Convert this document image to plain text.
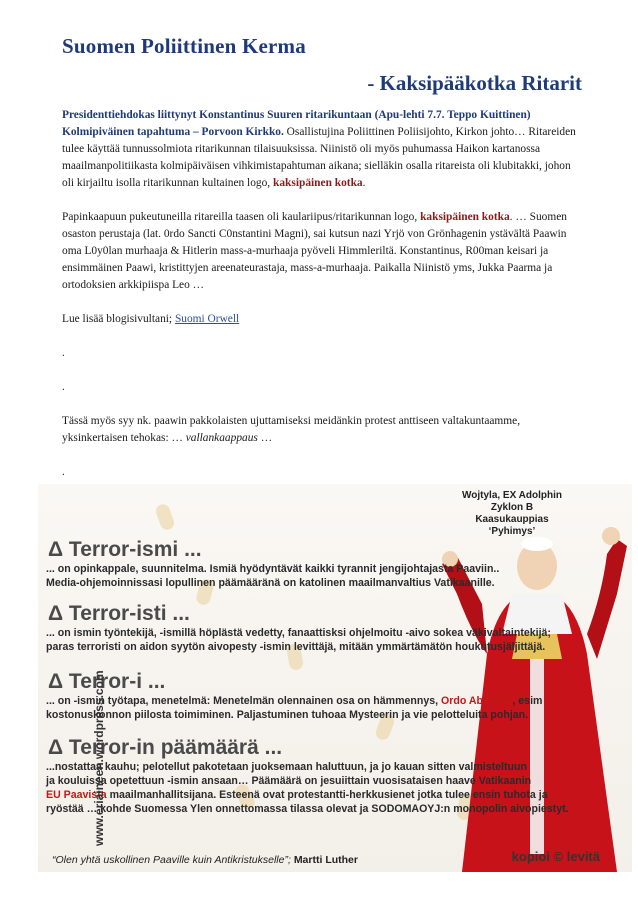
Suomen Poliittinen Kerma
- Kaksipääkotka Ritarit

Presidenttiehdokas liittynyt Konstantinus Suuren ritarikuntaan (Apu-lehti 7.7. Teppo Kuittinen) Kolmipiväinen tapahtuma – Porvoon Kirkko. Osallistujina Poliittinen Poliisijohto, Kirkon johto… Ritareiden tulee käyttää tunnussolmiota ritarikunnan tilaisuuksissa. Niinistö oli myös puhumassa Haikon kartanossa maailmanpolitiikasta kolmipäiväisen vihkimistapahtuman aikana; sielläkin osalla ritareista oli klubitakki, johon oli kirjailtu isolla ritarikunnan kultainen logo, kaksipäinen kotka.

Papinkaapuun pukeutuneilla ritareilla taasen oli kaulariipus/ritarikunnan logo, kaksipäinen kotka. … Suomen osaston perustaja (lat. 0rdo Sancti C0nstantini Magni), sai kutsun nazi Yrjö von Grönhagenin ystävältä Paawin oma L0y0lan murhaaja & Hitlerin mass-a-murhaaja pyöveli Himmleriltä. Konstantinus, R00man keisari ja ensimmäinen Paawi, kristittyjen areenateurastaja, mass-a-murhaaja. Paikalla Niinistö yms, Jukka Paarma ja ortodoksien arkkipiispa Leo …

Lue lisää blogisivultani; Suomi Orwell

.

.

Tässä myös syy nk. paawin pakkolaisten ujuttamiseksi meidänkin protest anttiseen valtakuntaamme, yksinkertaisen tehokas: … vallankaappaus …

.

Wojtyla, EX Adolphin
Zyklon B
Kaasukauppias
‘Pyhimys’
Δ Terror-ismi ...
... on opinkappale, suunnitelma. Ismiä hyödyntävät kaikki tyrannit jengijohtajasta Paaviin..
Media-ohjemoinnissasi lopullinen päämääränä on katolinen maailmanvaltius Vatikaanille.
Δ Terror-isti ...
... on ismin työntekijä, -ismillä höplästä vedetty, fanaattisksi ohjelmoitu -aivo sokea väkivaltaintekijä;
paras terroristi on aidon syytön aivopesty -ismin levittäjä, mitään ymmärtämätön houkutusjäljittäjä.
Δ Terror-i ...
... on -ismin työtapa, menetelmä: Menetelmän olennainen osa on hämmennys, Ordo Ab Chao, esim
kostonuskonnon piilosta toimiminen. Paljastuminen tuhoaa Mysteerin ja vie pelotteluita pohjan.
Δ Terror-in päämäärä ...
...nostattaa kauhu; pelotellut pakotetaan juoksemaan haluttuun, ja jo kauan sitten valmisteltuun
ja kouluissa opetettuun -ismin ansaan… Päämäärä on jesuiittain vuosisataisen haave Vatikaanin
EU Paavista maailmanhallitsijana. Esteenä ovat protestantti-herkkusienet jotka tulee ensin tuhota ja
ryöstää … kohde Suomessa Ylen onnettomassa tilassa olevat ja SODOMAOYJ:n monopolin aivopiestyt.
www.eriaineen.wordpress.com
“Olen yhtä uskollinen Paaville kuin Antikristukselle”; Martti Luther	kopioi © levitä
